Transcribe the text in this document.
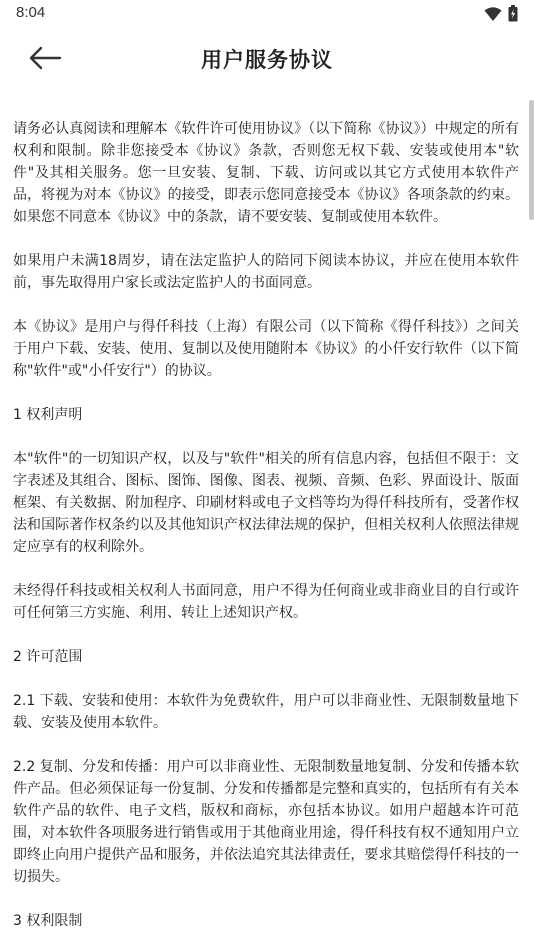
8:04
用户服务协议

请务必认真阅读和理解本《软件许可使用协议》（以下简称《协议》）中规定的所有权利和限制。除非您接受本《协议》条款，否则您无权下载、安装或使用本"软件"及其相关服务。您一旦安装、复制、下载、访问或以其它方式使用本软件产品，将视为对本《协议》的接受，即表示您同意接受本《协议》各项条款的约束。如果您不同意本《协议》中的条款，请不要安装、复制或使用本软件。

如果用户未满18周岁，请在法定监护人的陪同下阅读本协议，并应在使用本软件前，事先取得用户家长或法定监护人的书面同意。

本《协议》是用户与得仟科技（上海）有限公司（以下简称《得仟科技》）之间关于用户下载、安装、使用、复制以及使用随附本《协议》的小仟安行软件（以下简称"软件"或"小仟安行"）的协议。

1 权利声明

本"软件"的一切知识产权，以及与"软件"相关的所有信息内容，包括但不限于：文字表述及其组合、图标、图饰、图像、图表、视频、音频、色彩、界面设计、版面框架、有关数据、附加程序、印刷材料或电子文档等均为得仟科技所有，受著作权法和国际著作权条约以及其他知识产权法律法规的保护，但相关权利人依照法律规定应享有的权利除外。

未经得仟科技或相关权利人书面同意，用户不得为任何商业或非商业目的自行或许可任何第三方实施、利用、转让上述知识产权。

2 许可范围

2.1 下载、安装和使用：本软件为免费软件，用户可以非商业性、无限制数量地下载、安装及使用本软件。

2.2 复制、分发和传播：用户可以非商业性、无限制数量地复制、分发和传播本软件产品。但必须保证每一份复制、分发和传播都是完整和真实的，包括所有有关本软件产品的软件、电子文档，版权和商标，亦包括本协议。如用户超越本许可范围，对本软件各项服务进行销售或用于其他商业用途，得仟科技有权不通知用户立即终止向用户提供产品和服务，并依法追究其法律责任，要求其赔偿得仟科技的一切损失。

3 权利限制
